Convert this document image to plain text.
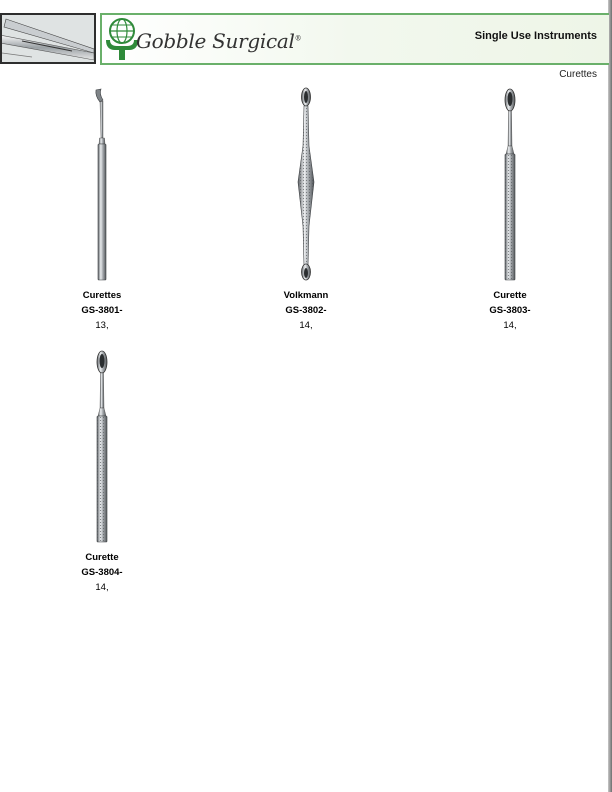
Gobble Surgical®	Single Use Instruments
Curettes
Curettes
GS-3801-
13,
Volkmann
GS-3802-
14,
Curette
GS-3803-
14,
Curette
GS-3804-
14,
